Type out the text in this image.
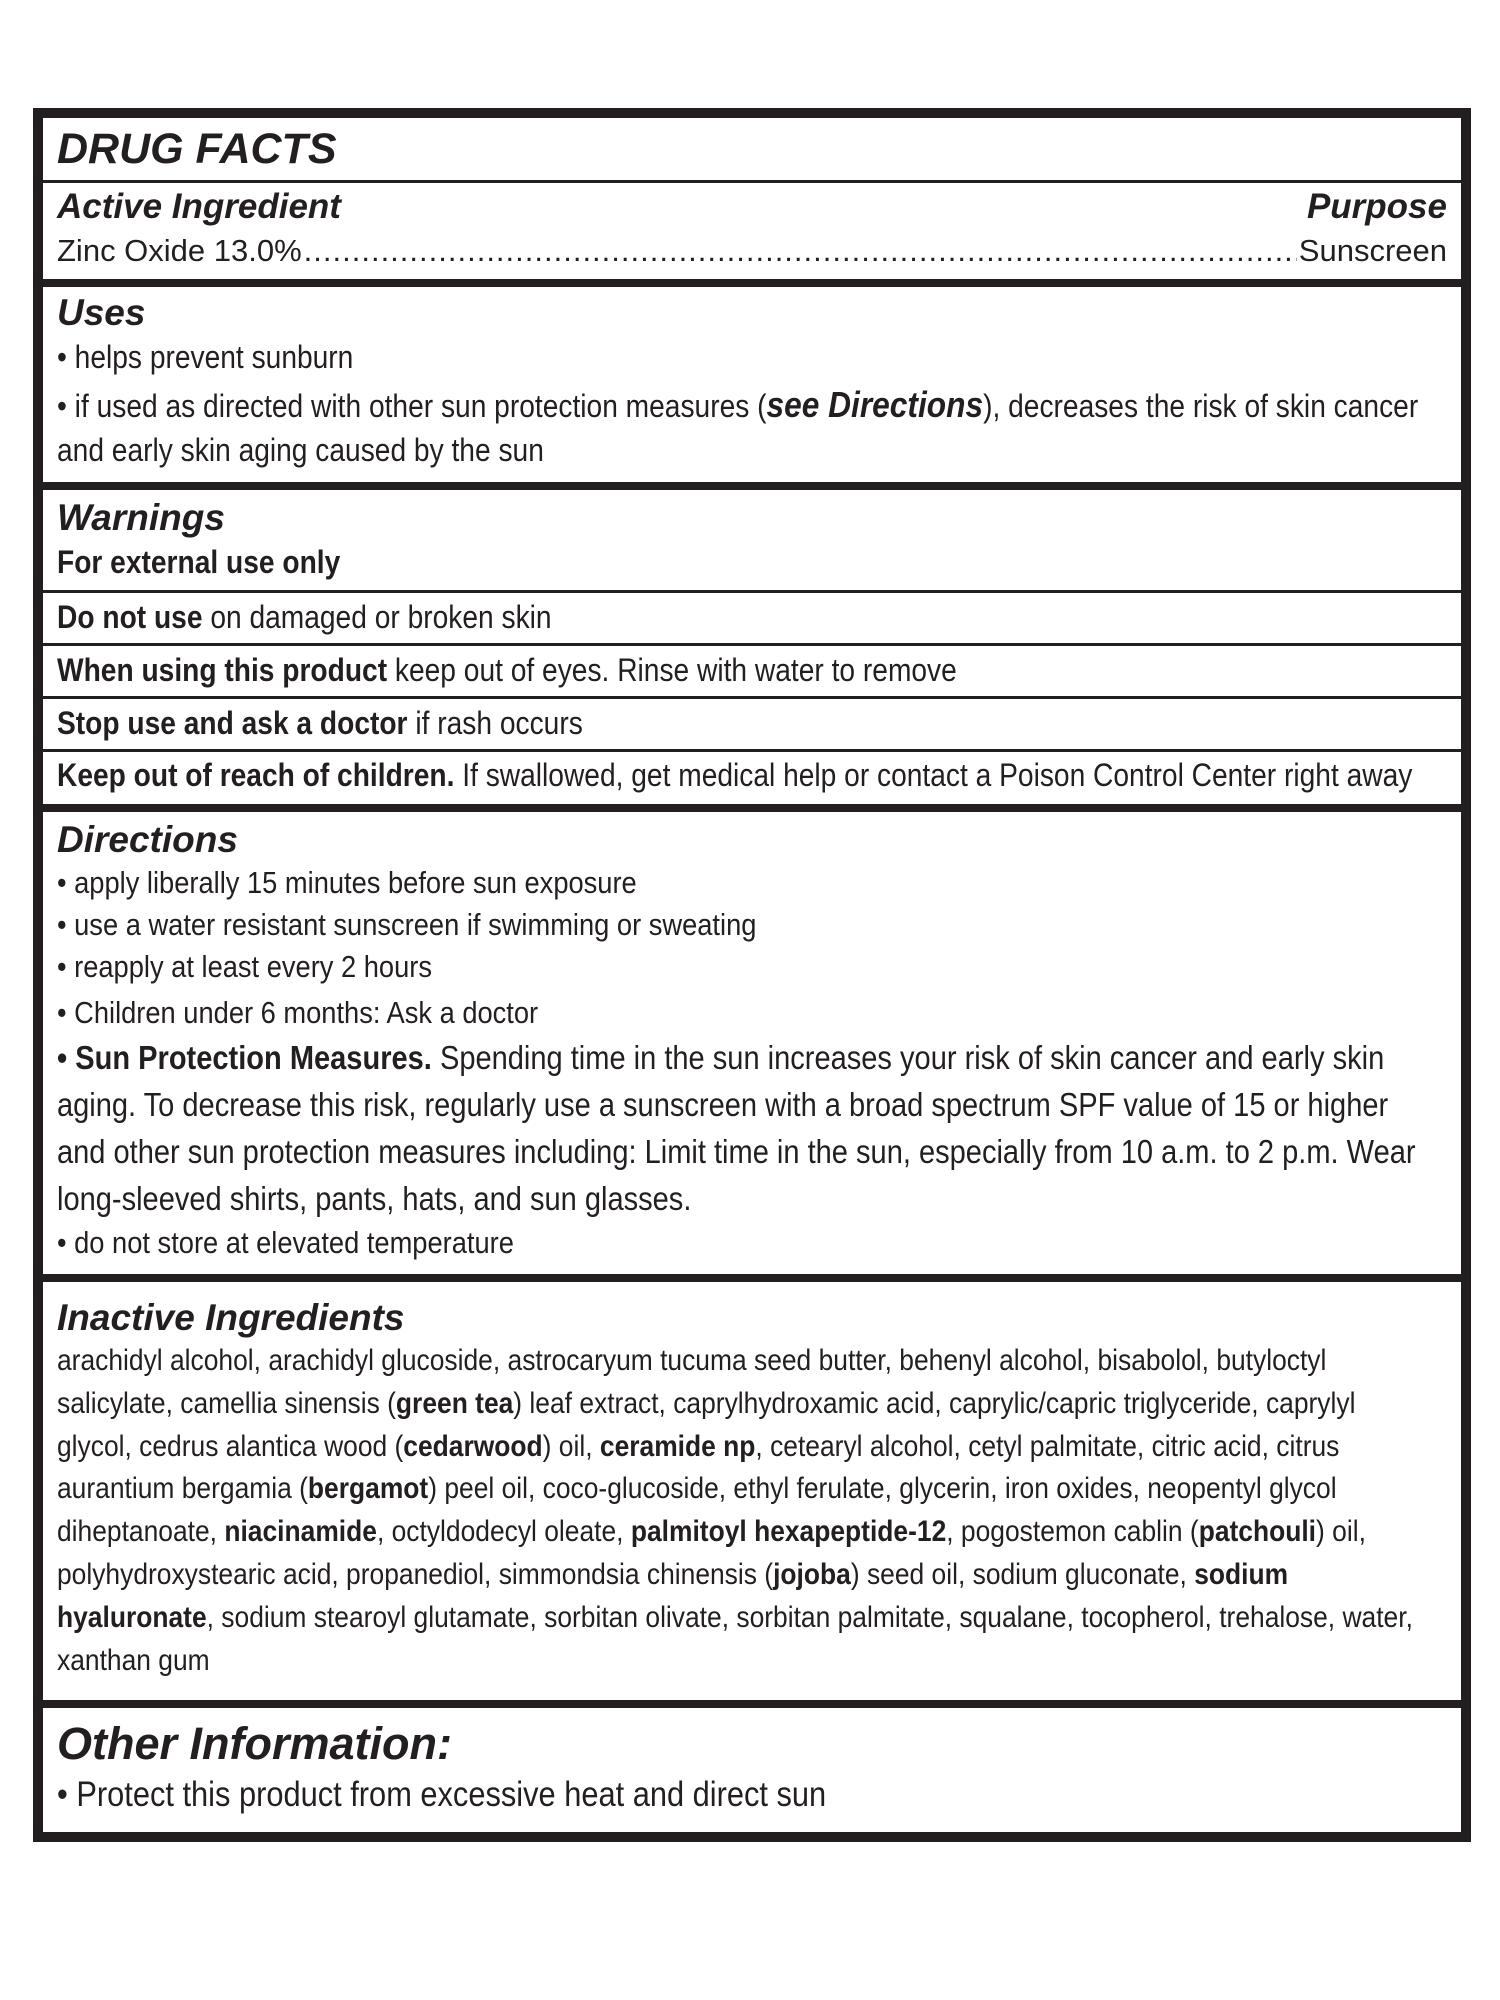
DRUG FACTS
Active Ingredient	Purpose
Zinc Oxide 13.0%
.....	Sunscreen
Uses
• helps prevent sunburn
• if used as directed with other sun protection measures (see Directions), decreases the risk of skin cancer and early skin aging caused by the sun
Warnings
For external use only
Do not use on damaged or broken skin
When using this product keep out of eyes. Rinse with water to remove
Stop use and ask a doctor if rash occurs
Keep out of reach of children. If swallowed, get medical help or contact a Poison Control Center right away
Directions
• apply liberally 15 minutes before sun exposure
• use a water resistant sunscreen if swimming or sweating
• reapply at least every 2 hours
• Children under 6 months: Ask a doctor
• Sun Protection Measures. Spending time in the sun increases your risk of skin cancer and early skin aging. To decrease this risk, regularly use a sunscreen with a broad spectrum SPF value of 15 or higher and other sun protection measures including: Limit time in the sun, especially from 10 a.m. to 2 p.m. Wear long-sleeved shirts, pants, hats, and sun glasses.
• do not store at elevated temperature
Inactive Ingredients
arachidyl alcohol, arachidyl glucoside, astrocaryum tucuma seed butter, behenyl alcohol, bisabolol, butyloctyl salicylate, camellia sinensis (green tea) leaf extract, caprylhydroxamic acid, caprylic/capric triglyceride, caprylyl glycol, cedrus alantica wood (cedarwood) oil, ceramide np, cetearyl alcohol, cetyl palmitate, citric acid, citrus aurantium bergamia (bergamot) peel oil, coco-glucoside, ethyl ferulate, glycerin, iron oxides, neopentyl glycol diheptanoate, niacinamide, octyldodecyl oleate, palmitoyl hexapeptide-12, pogostemon cablin (patchouli) oil, polyhydroxystearic acid, propanediol, simmondsia chinensis (jojoba) seed oil, sodium gluconate, sodium hyaluronate, sodium stearoyl glutamate, sorbitan olivate, sorbitan palmitate, squalane, tocopherol, trehalose, water, xanthan gum
Other Information:
• Protect this product from excessive heat and direct sun
